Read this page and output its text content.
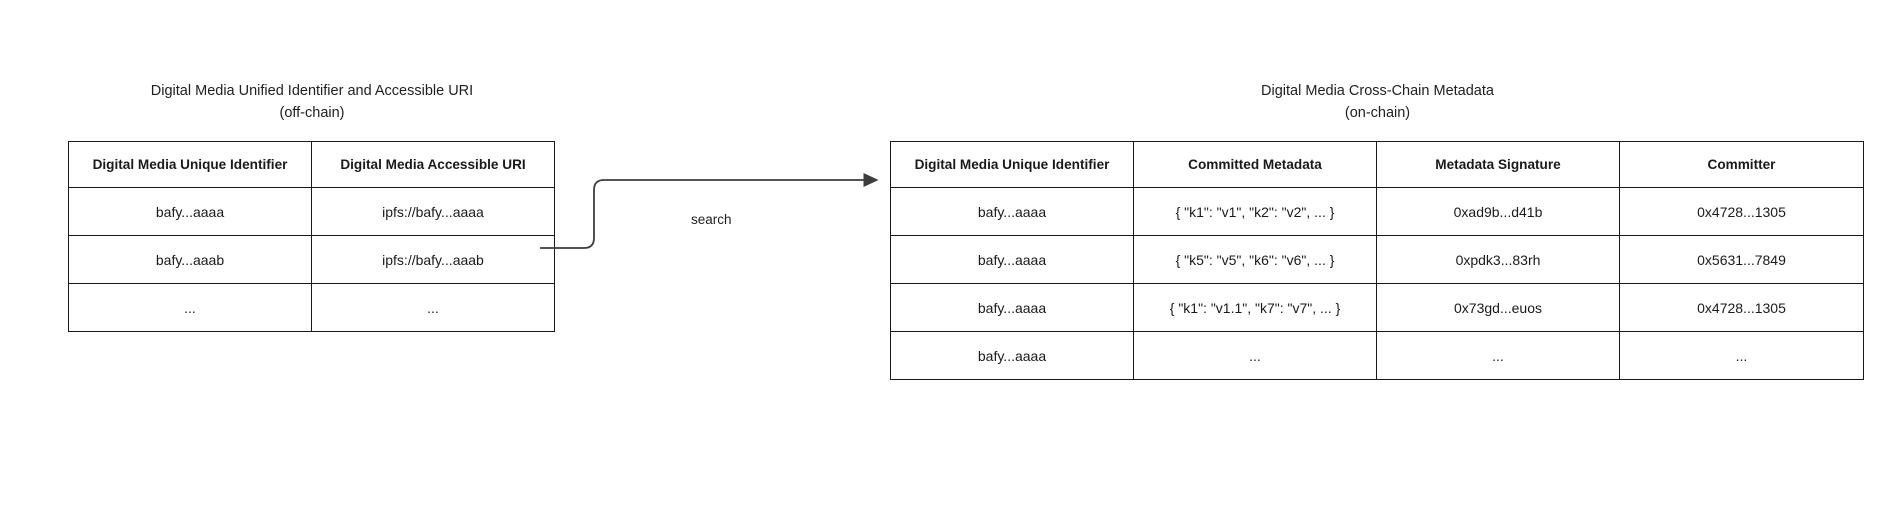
Digital Media Unified Identifier and Accessible URI
(off-chain)
Digital Media Unique Identifier	Digital Media Accessible URI
bafy...aaaa	ipfs://bafy...aaaa
bafy...aaab	ipfs://bafy...aaab
...	...
search
Digital Media Cross-Chain Metadata
(on-chain)
Digital Media Unique Identifier	Committed Metadata	Metadata Signature	Committer
bafy...aaaa	{ "k1": "v1", "k2": "v2", ... }	0xad9b...d41b	0x4728...1305
bafy...aaaa	{ "k5": "v5", "k6": "v6", ... }	0xpdk3...83rh	0x5631...7849
bafy...aaaa	{ "k1": "v1.1", "k7": "v7", ... }	0x73gd...euos	0x4728...1305
bafy...aaaa	...	...	...
